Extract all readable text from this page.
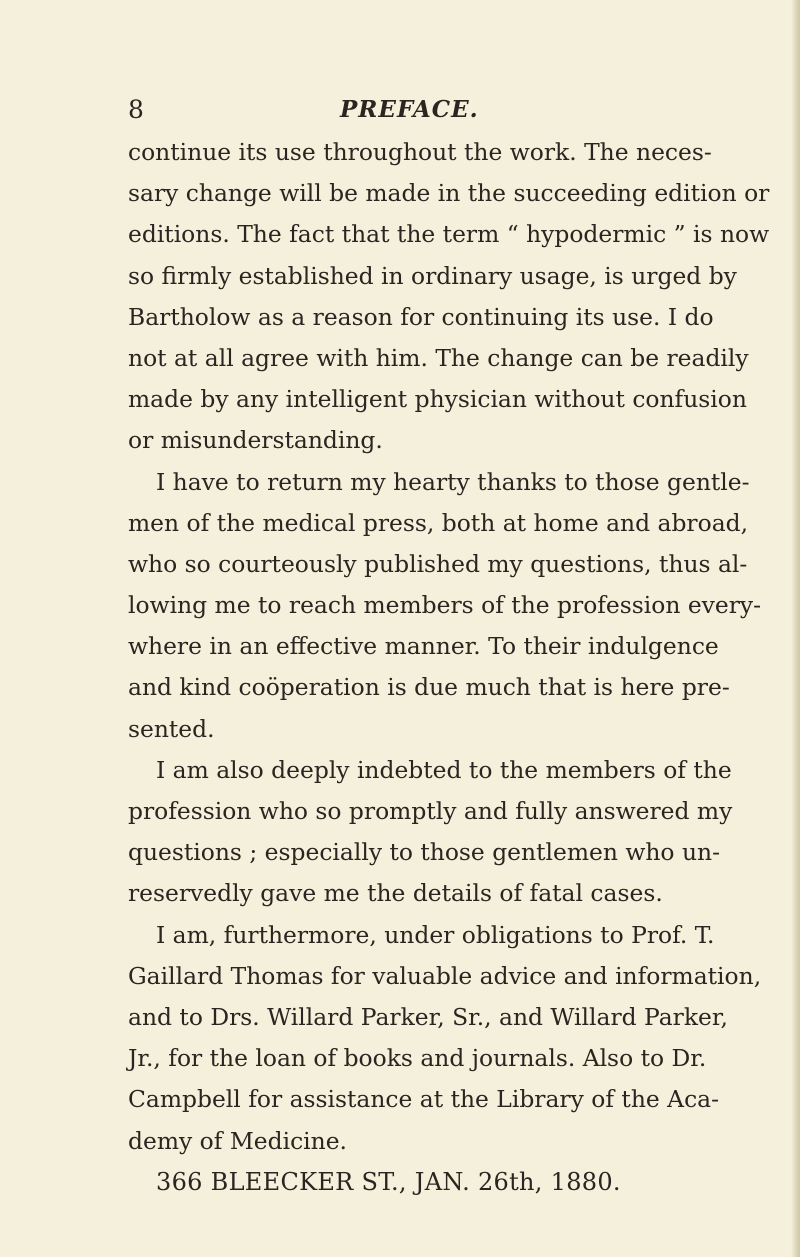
8	PREFACE.
continue its use throughout the work. The neces-
sary change will be made in the succeeding edition or
editions. The fact that the term “ hypodermic ” is now
so firmly established in ordinary usage, is urged by
Bartholow as a reason for continuing its use. I do
not at all agree with him. The change can be readily
made by any intelligent physician without confusion
or misunderstanding.
I have to return my hearty thanks to those gentle-
men of the medical press, both at home and abroad,
who so courteously published my questions, thus al-
lowing me to reach members of the profession every-
where in an effective manner. To their indulgence
and kind coöperation is due much that is here pre-
sented.
I am also deeply indebted to the members of the
profession who so promptly and fully answered my
questions ; especially to those gentlemen who un-
reservedly gave me the details of fatal cases.
I am, furthermore, under obligations to Prof. T.
Gaillard Thomas for valuable advice and information,
and to Drs. Willard Parker, Sr., and Willard Parker,
Jr., for the loan of books and journals. Also to Dr.
Campbell for assistance at the Library of the Aca-
demy of Medicine.
366 BLEECKER ST., JAN. 26th, 1880.
